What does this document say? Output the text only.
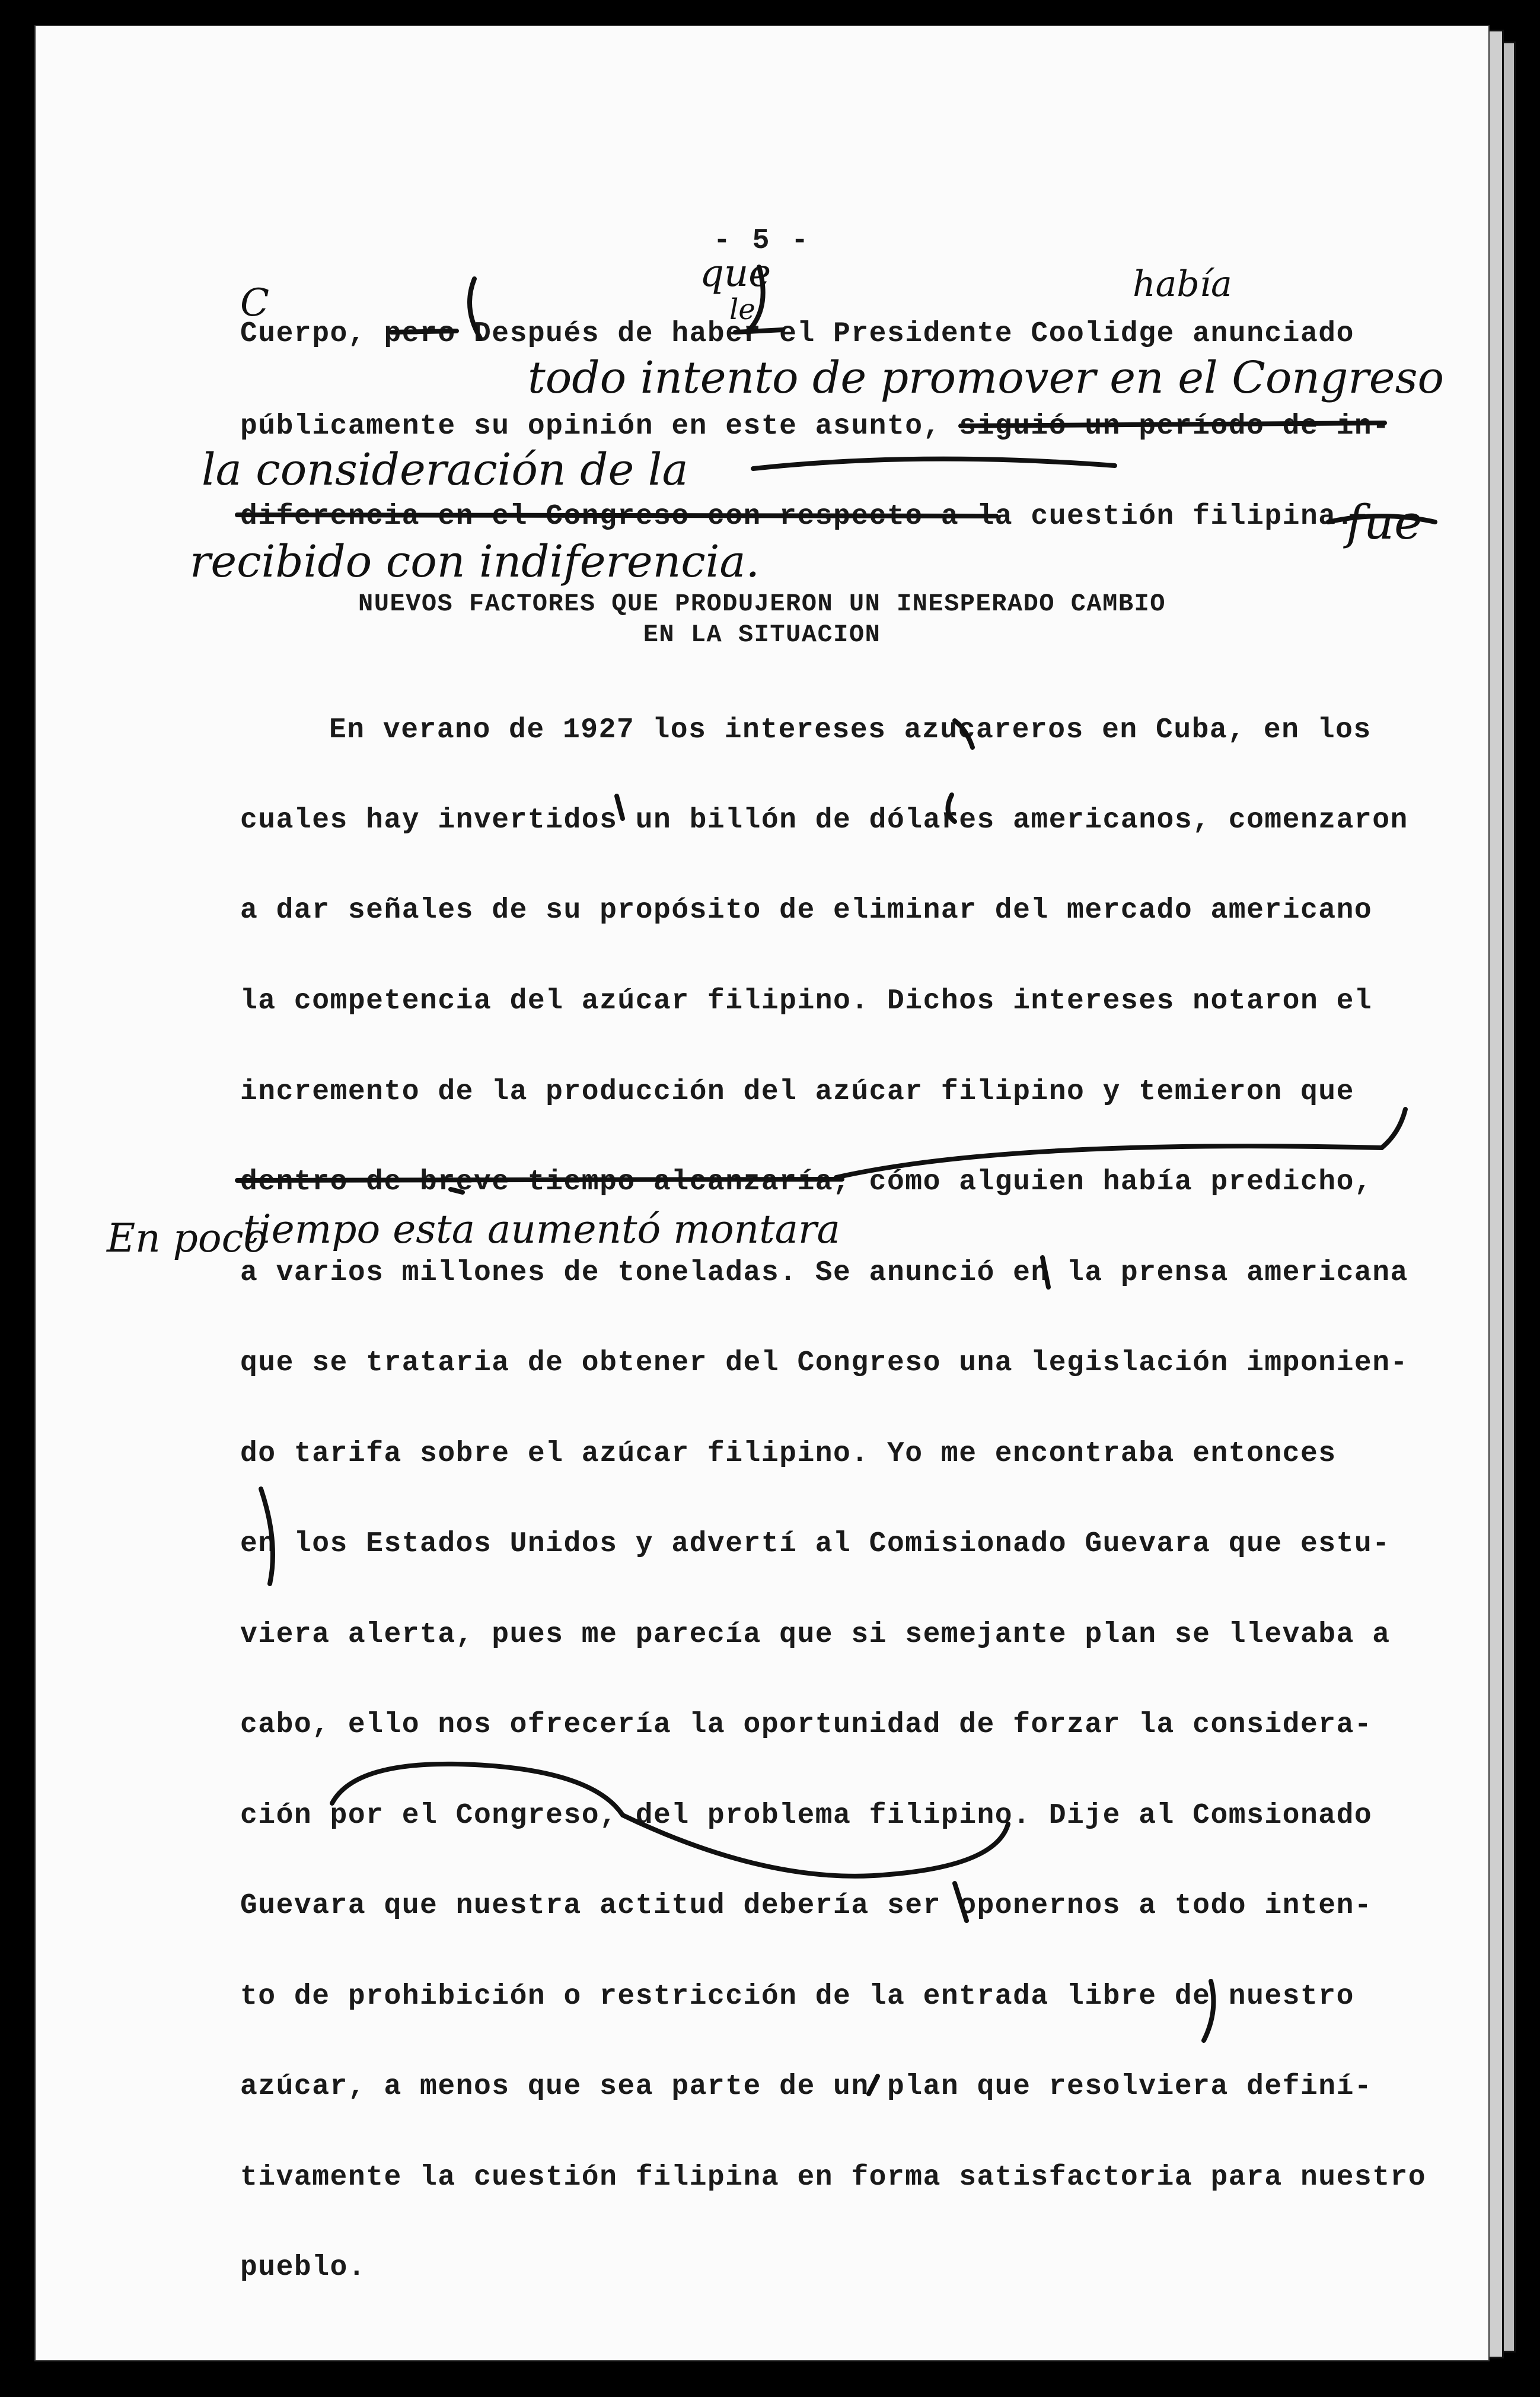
- 5 -
Cuerpo, pero Después de haber el Presidente Coolidge anunciado
públicamente su opinión en este asunto, siguió un período de in-
diferencia en el Congreso con respecto a la cuestión filipina.
NUEVOS FACTORES QUE PRODUJERON UN INESPERADO CAMBIO
EN LA SITUACION
En verano de 1927 los intereses azucareros en Cuba, en los
cuales hay invertidos un billón de dólares americanos, comenzaron
a dar señales de su propósito de eliminar del mercado americano
la competencia del azúcar filipino. Dichos intereses notaron el
incremento de la producción del azúcar filipino y temieron que
dentro de breve tiempo alcanzaría, cómo alguien había predicho,
a varios millones de toneladas. Se anunció en la prensa americana
que se trataria de obtener del Congreso una legislación imponien-
do tarifa sobre el azúcar filipino. Yo me encontraba entonces
en los Estados Unidos y advertí al Comisionado Guevara que estu-
viera alerta, pues me parecía que si semejante plan se llevaba a
cabo, ello nos ofrecería la oportunidad de forzar la considera-
ción por el Congreso, del problema filipino. Dije al Comsionado
Guevara que nuestra actitud debería ser oponernos a todo inten-
to de prohibición o restricción de la entrada libre de nuestro
azúcar, a menos que sea parte de un plan que resolviera definí-
tivamente la cuestión filipina en forma satisfactoria para nuestro
pueblo.
C
que
le
había
todo intento de promover en el Congreso
la consideración de la
fue
recibido con indiferencia.
En poco
tiempo esta aumentó montara
